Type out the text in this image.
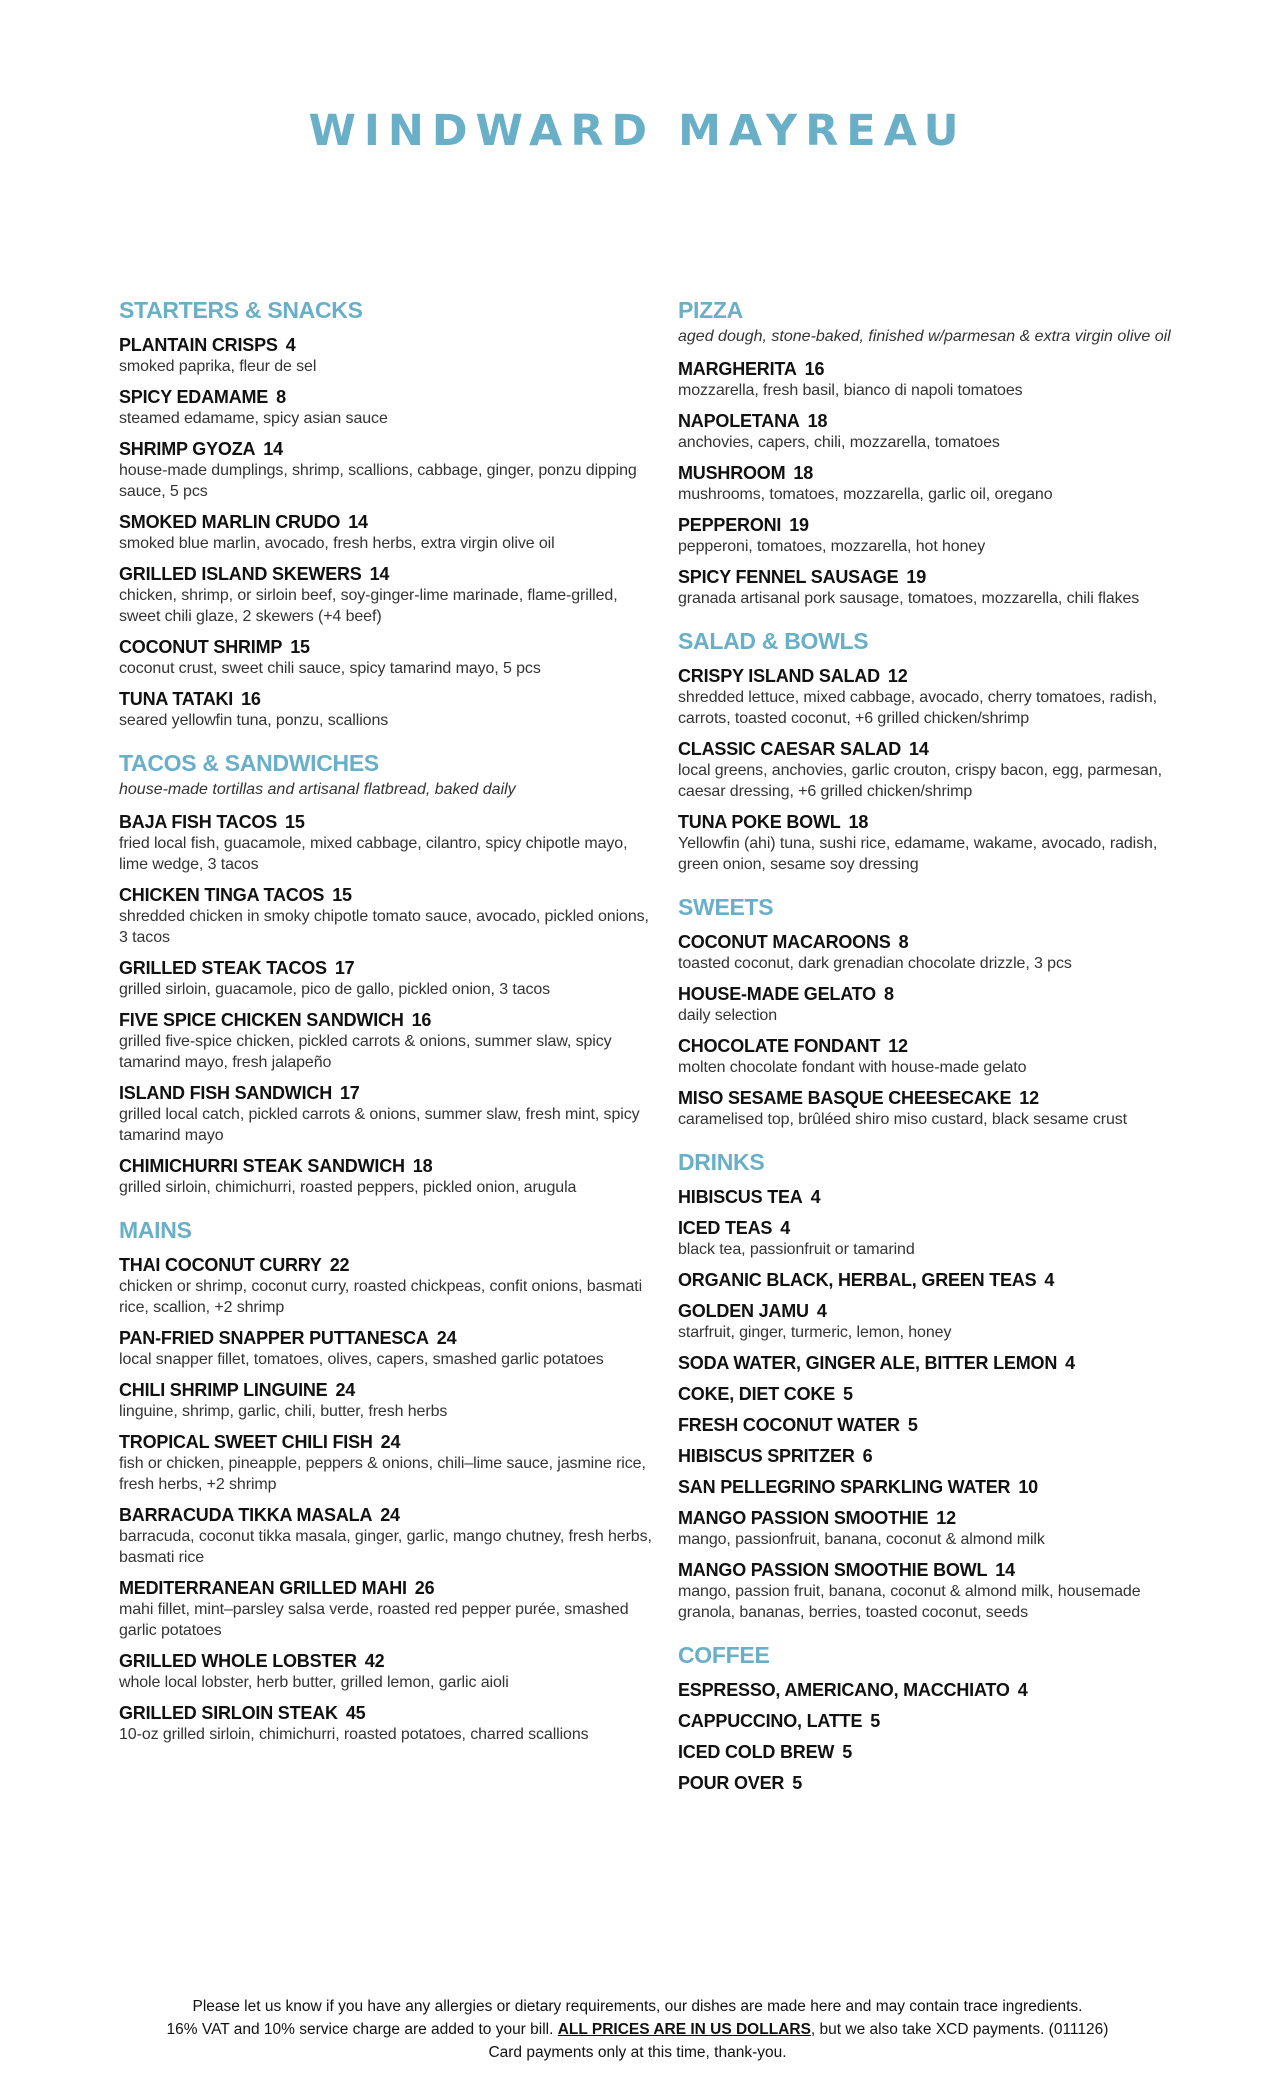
WINDWARD MAYREAU
STARTERS & SNACKS
PLANTAIN CRISPS 4
smoked paprika, fleur de sel
SPICY EDAMAME 8
steamed edamame, spicy asian sauce
SHRIMP GYOZA 14
house-made dumplings, shrimp, scallions, cabbage, ginger, ponzu dipping sauce, 5 pcs
SMOKED MARLIN CRUDO 14
smoked blue marlin, avocado, fresh herbs, extra virgin olive oil
GRILLED ISLAND SKEWERS 14
chicken, shrimp, or sirloin beef, soy-ginger-lime marinade, flame-grilled, sweet chili glaze, 2 skewers (+4 beef)
COCONUT SHRIMP 15
coconut crust, sweet chili sauce, spicy tamarind mayo, 5 pcs
TUNA TATAKI 16
seared yellowfin tuna, ponzu, scallions
TACOS & SANDWICHES
house-made tortillas and artisanal flatbread, baked daily
BAJA FISH TACOS 15
fried local fish, guacamole, mixed cabbage, cilantro, spicy chipotle mayo, lime wedge, 3 tacos
CHICKEN TINGA TACOS 15
shredded chicken in smoky chipotle tomato sauce, avocado, pickled onions, 3 tacos
GRILLED STEAK TACOS 17
grilled sirloin, guacamole, pico de gallo, pickled onion, 3 tacos
FIVE SPICE CHICKEN SANDWICH 16
grilled five-spice chicken, pickled carrots & onions, summer slaw, spicy tamarind mayo, fresh jalapeño
ISLAND FISH SANDWICH 17
grilled local catch, pickled carrots & onions, summer slaw, fresh mint, spicy tamarind mayo
CHIMICHURRI STEAK SANDWICH 18
grilled sirloin, chimichurri, roasted peppers, pickled onion, arugula
MAINS
THAI COCONUT CURRY 22
chicken or shrimp, coconut curry, roasted chickpeas, confit onions, basmati rice, scallion, +2 shrimp
PAN-FRIED SNAPPER PUTTANESCA 24
local snapper fillet, tomatoes, olives, capers, smashed garlic potatoes
CHILI SHRIMP LINGUINE 24
linguine, shrimp, garlic, chili, butter, fresh herbs
TROPICAL SWEET CHILI FISH 24
fish or chicken, pineapple, peppers & onions, chili–lime sauce, jasmine rice, fresh herbs, +2 shrimp
BARRACUDA TIKKA MASALA 24
barracuda, coconut tikka masala, ginger, garlic, mango chutney, fresh herbs, basmati rice
MEDITERRANEAN GRILLED MAHI 26
mahi fillet, mint–parsley salsa verde, roasted red pepper purée, smashed garlic potatoes
GRILLED WHOLE LOBSTER 42
whole local lobster, herb butter, grilled lemon, garlic aioli
GRILLED SIRLOIN STEAK 45
10-oz grilled sirloin, chimichurri, roasted potatoes, charred scallions
PIZZA
aged dough, stone-baked, finished w/parmesan & extra virgin olive oil
MARGHERITA 16
mozzarella, fresh basil, bianco di napoli tomatoes
NAPOLETANA 18
anchovies, capers, chili, mozzarella, tomatoes
MUSHROOM 18
mushrooms, tomatoes, mozzarella, garlic oil, oregano
PEPPERONI 19
pepperoni, tomatoes, mozzarella, hot honey
SPICY FENNEL SAUSAGE 19
granada artisanal pork sausage, tomatoes, mozzarella, chili flakes
SALAD & BOWLS
CRISPY ISLAND SALAD 12
shredded lettuce, mixed cabbage, avocado, cherry tomatoes, radish, carrots, toasted coconut, +6 grilled chicken/shrimp
CLASSIC CAESAR SALAD 14
local greens, anchovies, garlic crouton, crispy bacon, egg, parmesan, caesar dressing, +6 grilled chicken/shrimp
TUNA POKE BOWL 18
Yellowfin (ahi) tuna, sushi rice, edamame, wakame, avocado, radish, green onion, sesame soy dressing
SWEETS
COCONUT MACAROONS 8
toasted coconut, dark grenadian chocolate drizzle, 3 pcs
HOUSE-MADE GELATO 8
daily selection
CHOCOLATE FONDANT 12
molten chocolate fondant with house-made gelato
MISO SESAME BASQUE CHEESECAKE 12
caramelised top, brûléed shiro miso custard, black sesame crust
DRINKS
HIBISCUS TEA 4
ICED TEAS 4
black tea, passionfruit or tamarind
ORGANIC BLACK, HERBAL, GREEN TEAS 4
GOLDEN JAMU 4
starfruit, ginger, turmeric, lemon, honey
SODA WATER, GINGER ALE, BITTER LEMON 4
COKE, DIET COKE 5
FRESH COCONUT WATER 5
HIBISCUS SPRITZER 6
SAN PELLEGRINO SPARKLING WATER 10
MANGO PASSION SMOOTHIE 12
mango, passionfruit, banana, coconut & almond milk
MANGO PASSION SMOOTHIE BOWL 14
mango, passion fruit, banana, coconut & almond milk, housemade granola, bananas, berries, toasted coconut, seeds
COFFEE
ESPRESSO, AMERICANO, MACCHIATO 4
CAPPUCCINO, LATTE 5
ICED COLD BREW 5
POUR OVER 5
Please let us know if you have any allergies or dietary requirements, our dishes are made here and may contain trace ingredients.
16% VAT and 10% service charge are added to your bill. ALL PRICES ARE IN US DOLLARS, but we also take XCD payments. (011126)
Card payments only at this time, thank-you.
